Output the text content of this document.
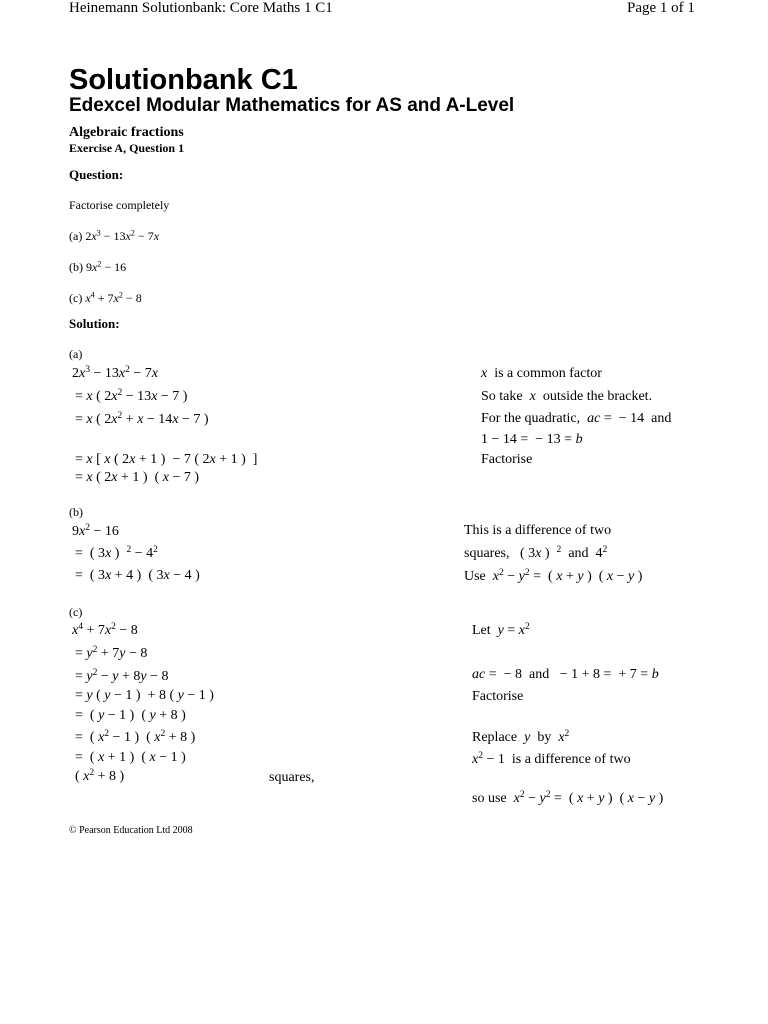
Heinemann Solutionbank: Core Maths 1 C1	Page 1 of 1
Solutionbank C1
Edexcel Modular Mathematics for AS and A-Level
Algebraic fractions
Exercise A, Question 1
Question:
Factorise completely
(a) $2x^3 - 13x^2 - 7x$
(b) $9x^2 - 16$
(c) $x^4 + 7x^2 - 8$
Solution:
(a)
$2x^3 - 13x^2 - 7x$
= x ( $2x^2 - 13x - 7$ )
= x ( $2x^2 + x - 14x - 7$ )
= x [ x ( 2x + 1 )  − 7 ( 2x + 1 )  ]
= x ( 2x + 1 )  ( x − 7 )
x  is a common factor
So take  x  outside the bracket.
For the quadratic,  ac =  − 14  and
1 − 14 =  − 13 = b
Factorise
(b)
$9x^2 - 16$
=  ( 3x )  $^2 - 4^2$
=  ( 3x + 4 )  ( 3x − 4 )
This is a difference of two
squares,   ( 3x )  $^2$  and  $4^2$
Use  $x^2 - y^2$ =  ( x + y )  ( x − y )
(c)
$x^4 + 7x^2 - 8$
= $y^2 + 7y - 8$
= $y^2 - y + 8y - 8$
= y ( y − 1 )  + 8 ( y − 1 )
=  ( y − 1 )  ( y + 8 )
=  ( $x^2 - 1$ )  ( $x^2 + 8$ )
=  ( x + 1 )  ( x − 1 )
( $x^2 + 8$ )	squares,
Let  $y = x^2$
ac =  − 8  and   − 1 + 8 =  + 7 = b
Factorise
Replace  y  by  $x^2$
$x^2 - 1$  is a difference of two
so use  $x^2 - y^2$ =  ( x + y )  ( x − y )
© Pearson Education Ltd 2008
